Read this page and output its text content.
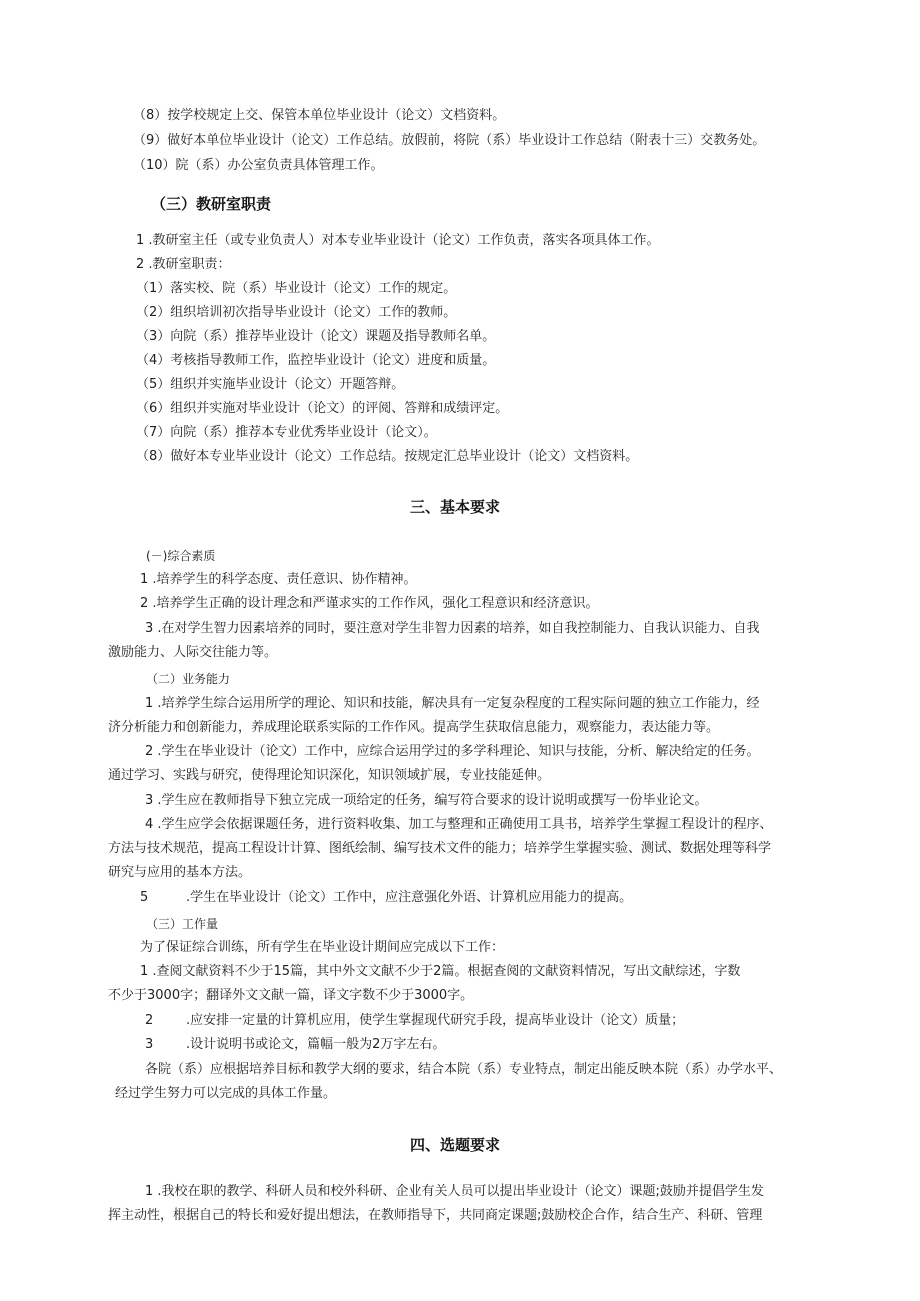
（8）按学校规定上交、保管本单位毕业设计（论文）文档资料。
（9）做好本单位毕业设计（论文）工作总结。放假前，将院（系）毕业设计工作总结（附表十三）交教务处。
（10）院（系）办公室负责具体管理工作。
（三）教研室职责
1 .教研室主任（或专业负责人）对本专业毕业设计（论文）工作负责，落实各项具体工作。
2 .教研室职责：
（1）落实校、院（系）毕业设计（论文）工作的规定。
（2）组织培训初次指导毕业设计（论文）工作的教师。
（3）向院（系）推荐毕业设计（论文）课题及指导教师名单。
（4）考核指导教师工作，监控毕业设计（论文）进度和质量。
（5）组织并实施毕业设计（论文）开题答辩。
（6）组织并实施对毕业设计（论文）的评阅、答辩和成绩评定。
（7）向院（系）推荐本专业优秀毕业设计（论文）。
（8）做好本专业毕业设计（论文）工作总结。按规定汇总毕业设计（论文）文档资料。
三、基本要求
(－)综合素质
1 .培养学生的科学态度、责任意识、协作精神。
2 .培养学生正确的设计理念和严谨求实的工作作风，强化工程意识和经济意识。
3 .在对学生智力因素培养的同时，要注意对学生非智力因素的培养，如自我控制能力、自我认识能力、自我
激励能力、人际交往能力等。
（二）业务能力
1 .培养学生综合运用所学的理论、知识和技能，解决具有一定复杂程度的工程实际问题的独立工作能力，经
济分析能力和创新能力，养成理论联系实际的工作作风。提高学生获取信息能力，观察能力，表达能力等。
2 .学生在毕业设计（论文）工作中，应综合运用学过的多学科理论、知识与技能，分析、解决给定的任务。
通过学习、实践与研究，使得理论知识深化，知识领域扩展，专业技能延伸。
3 .学生应在教师指导下独立完成一项给定的任务，编写符合要求的设计说明或撰写一份毕业论文。
4 .学生应学会依据课题任务，进行资料收集、加工与整理和正确使用工具书，培养学生掌握工程设计的程序、
方法与技术规范，提高工程设计计算、图纸绘制、编写技术文件的能力；培养学生掌握实验、测试、数据处理等科学
研究与应用的基本方法。
5	.学生在毕业设计（论文）工作中，应注意强化外语、计算机应用能力的提高。
（三）工作量
为了保证综合训练，所有学生在毕业设计期间应完成以下工作：
1 .查阅文献资料不少于15篇，其中外文文献不少于2篇。根据查阅的文献资料情况，写出文献综述，字数
不少于3000字；翻译外文文献一篇，译文字数不少于3000字。
2	.应安排一定量的计算机应用，使学生掌握现代研究手段，提高毕业设计（论文）质量；
3	.设计说明书或论文，篇幅一般为2万字左右。
各院（系）应根据培养目标和教学大纲的要求，结合本院（系）专业特点，制定出能反映本院（系）办学水平、
经过学生努力可以完成的具体工作量。
四、选题要求
1 .我校在职的教学、科研人员和校外科研、企业有关人员可以提出毕业设计（论文）课题;鼓励并提倡学生发
挥主动性，根据自己的特长和爱好提出想法，在教师指导下，共同商定课题;鼓励校企合作，结合生产、科研、管理
